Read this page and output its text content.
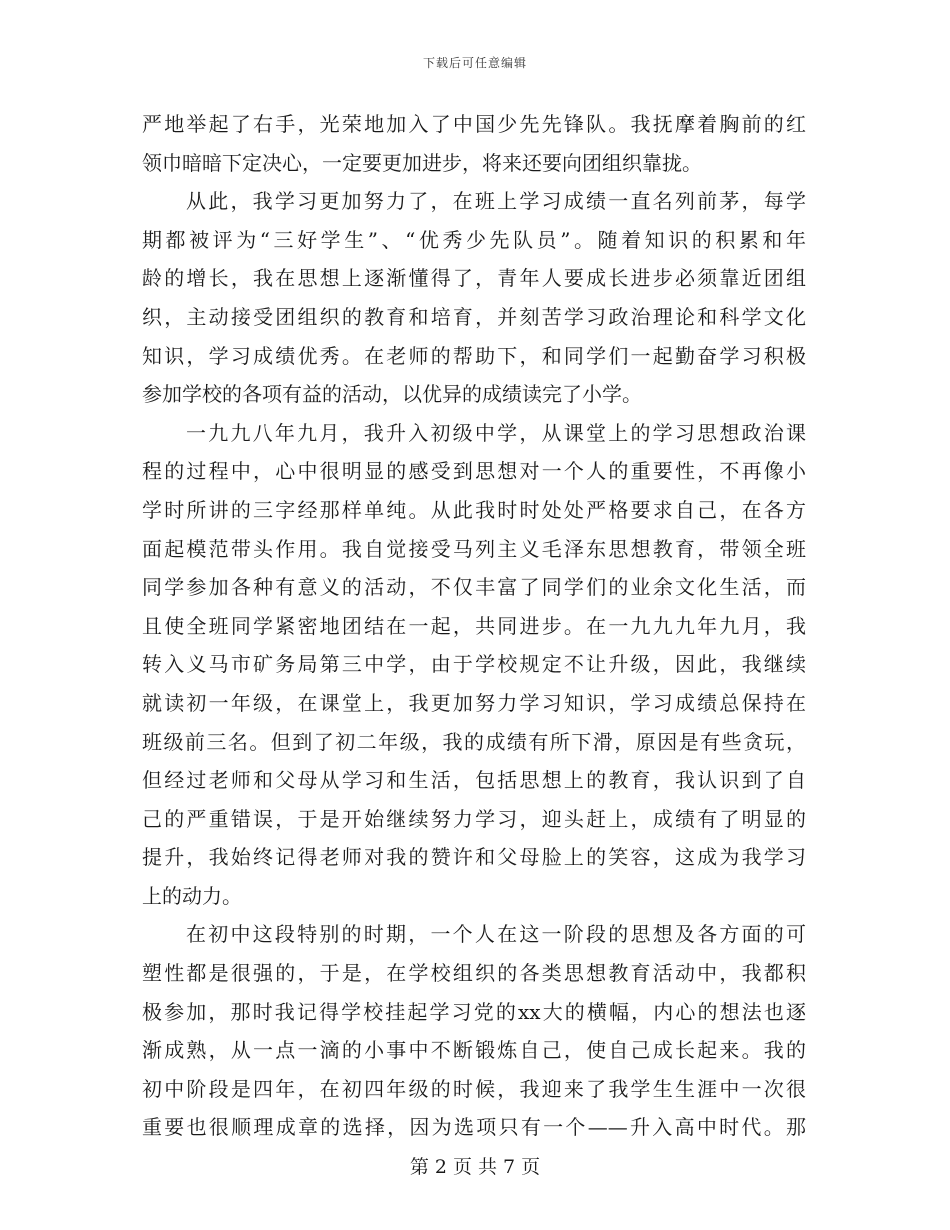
下载后可任意编辑
严地举起了右手，光荣地加入了中国少先先锋队。我抚摩着胸前的红
领巾暗暗下定决心，一定要更加进步，将来还要向团组织靠拢。
从此，我学习更加努力了，在班上学习成绩一直名列前茅，每学
期都被评为“三好学生”、“优秀少先队员”。随着知识的积累和年
龄的增长，我在思想上逐渐懂得了，青年人要成长进步必须靠近团组
织，主动接受团组织的教育和培育，并刻苦学习政治理论和科学文化
知识，学习成绩优秀。在老师的帮助下，和同学们一起勤奋学习积极
参加学校的各项有益的活动，以优异的成绩读完了小学。
一九九八年九月，我升入初级中学，从课堂上的学习思想政治课
程的过程中，心中很明显的感受到思想对一个人的重要性，不再像小
学时所讲的三字经那样单纯。从此我时时处处严格要求自己，在各方
面起模范带头作用。我自觉接受马列主义毛泽东思想教育，带领全班
同学参加各种有意义的活动，不仅丰富了同学们的业余文化生活，而
且使全班同学紧密地团结在一起，共同进步。在一九九九年九月，我
转入义马市矿务局第三中学，由于学校规定不让升级，因此，我继续
就读初一年级，在课堂上，我更加努力学习知识，学习成绩总保持在
班级前三名。但到了初二年级，我的成绩有所下滑，原因是有些贪玩，
但经过老师和父母从学习和生活，包括思想上的教育，我认识到了自
己的严重错误，于是开始继续努力学习，迎头赶上，成绩有了明显的
提升，我始终记得老师对我的赞许和父母脸上的笑容，这成为我学习
上的动力。
在初中这段特别的时期，一个人在这一阶段的思想及各方面的可
塑性都是很强的，于是，在学校组织的各类思想教育活动中，我都积
极参加，那时我记得学校挂起学习党的xx大的横幅，内心的想法也逐
渐成熟，从一点一滴的小事中不断锻炼自己，使自己成长起来。我的
初中阶段是四年，在初四年级的时候，我迎来了我学生生涯中一次很
重要也很顺理成章的选择，因为选项只有一个——升入高中时代。那
第 2 页 共 7 页
